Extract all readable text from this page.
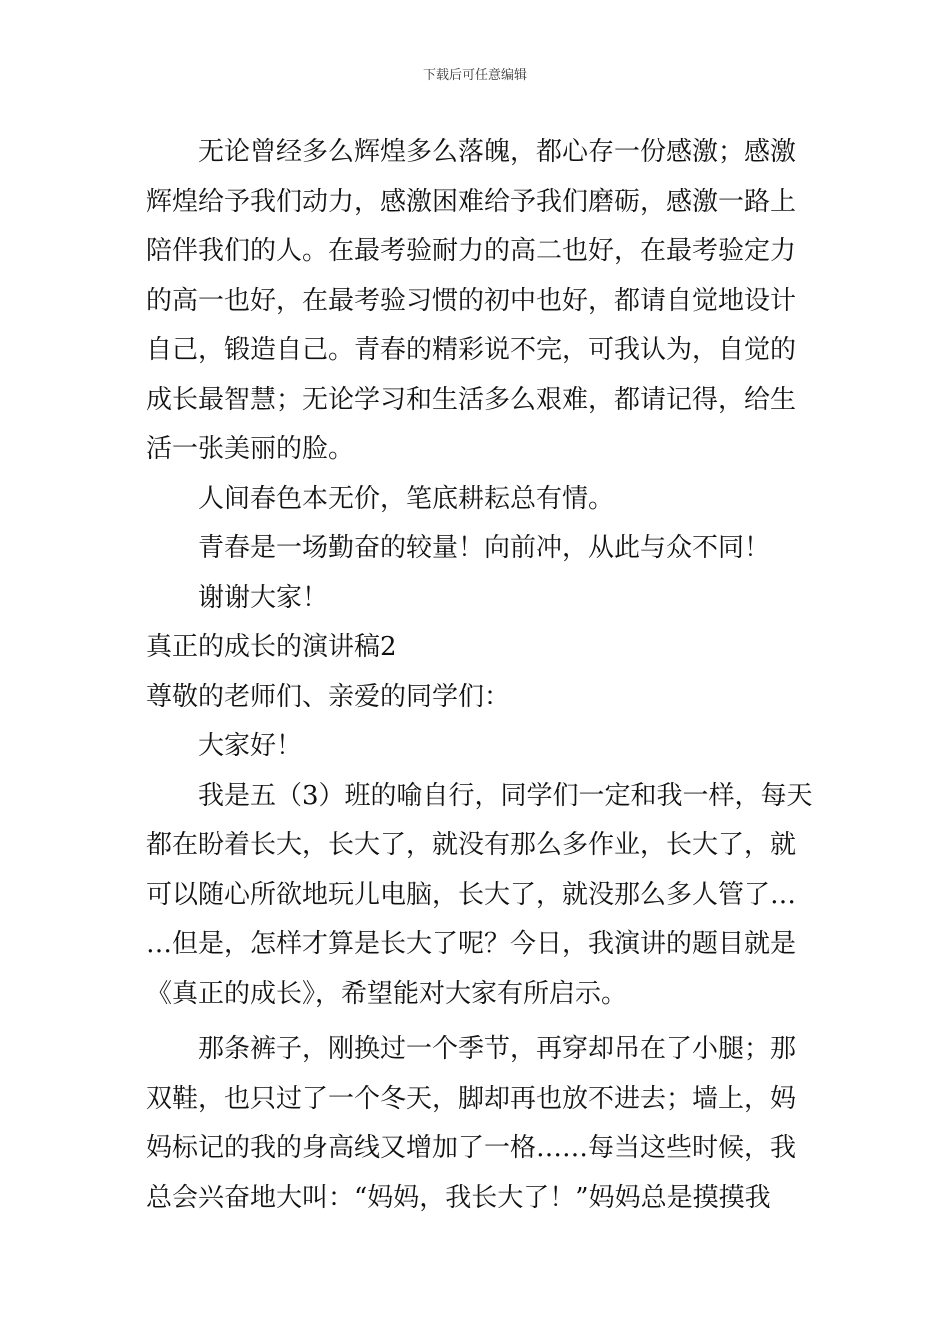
下载后可任意编辑
无论曾经多么辉煌多么落魄，都心存一份感激；感激
辉煌给予我们动力，感激困难给予我们磨砺，感激一路上
陪伴我们的人。在最考验耐力的高二也好，在最考验定力
的高一也好，在最考验习惯的初中也好，都请自觉地设计
自己，锻造自己。青春的精彩说不完，可我认为，自觉的
成长最智慧；无论学习和生活多么艰难，都请记得，给生
活一张美丽的脸。
人间春色本无价，笔底耕耘总有情。
青春是一场勤奋的较量！向前冲，从此与众不同！
谢谢大家！
真正的成长的演讲稿2
尊敬的老师们、亲爱的同学们：
大家好！
我是五（3）班的喻自行，同学们一定和我一样，每天
都在盼着长大，长大了，就没有那么多作业，长大了，就
可以随心所欲地玩儿电脑，长大了，就没那么多人管了…
…但是，怎样才算是长大了呢？今日，我演讲的题目就是
《真正的成长》，希望能对大家有所启示。
那条裤子，刚换过一个季节，再穿却吊在了小腿；那
双鞋，也只过了一个冬天，脚却再也放不进去；墙上，妈
妈标记的我的身高线又增加了一格……每当这些时候，我
总会兴奋地大叫：“妈妈，我长大了！”妈妈总是摸摸我
